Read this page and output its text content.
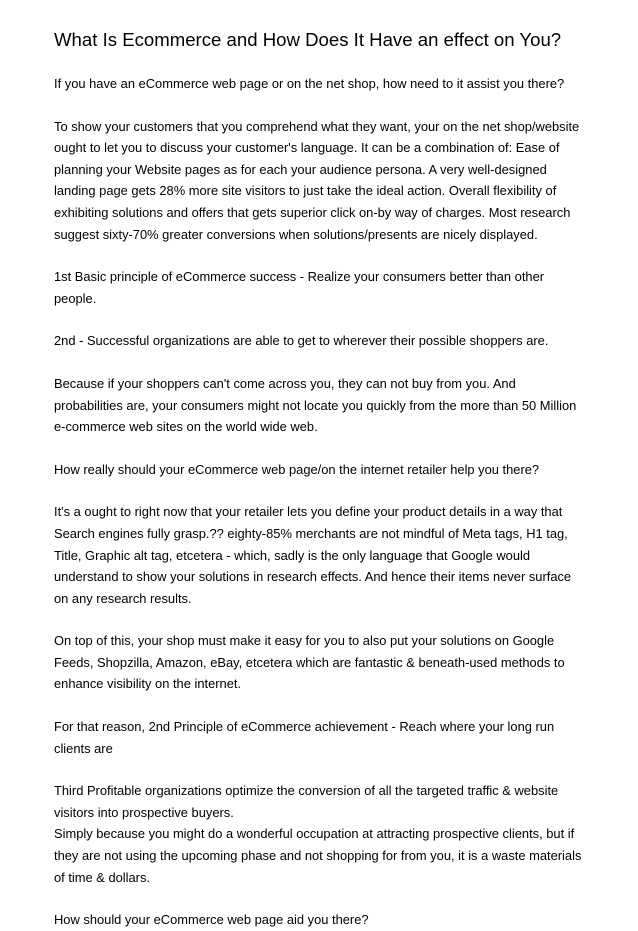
What Is Ecommerce and How Does It Have an effect on You?

If you have an eCommerce web page or on the net shop, how need to it assist you there?

To show your customers that you comprehend what they want, your on the net shop/website
ought to let you to discuss your customer's language. It can be a combination of: Ease of
planning your Website pages as for each your audience persona. A very well-designed
landing page gets 28% more site visitors to just take the ideal action. Overall flexibility of
exhibiting solutions and offers that gets superior click on-by way of charges. Most research
suggest sixty-70% greater conversions when solutions/presents are nicely displayed.

1st Basic principle of eCommerce success - Realize your consumers better than other
people.

2nd - Successful organizations are able to get to wherever their possible shoppers are.

Because if your shoppers can't come across you, they can not buy from you. And
probabilities are, your consumers might not locate you quickly from the more than 50 Million
e-commerce web sites on the world wide web.

How really should your eCommerce web page/on the internet retailer help you there?

It's a ought to right now that your retailer lets you define your product details in a way that
Search engines fully grasp.?? eighty-85% merchants are not mindful of Meta tags, H1 tag,
Title, Graphic alt tag, etcetera - which, sadly is the only language that Google would
understand to show your solutions in research effects. And hence their items never surface
on any research results.

On top of this, your shop must make it easy for you to also put your solutions on Google
Feeds, Shopzilla, Amazon, eBay, etcetera which are fantastic & beneath-used methods to
enhance visibility on the internet.

For that reason, 2nd Principle of eCommerce achievement - Reach where your long run
clients are

Third Profitable organizations optimize the conversion of all the targeted traffic & website
visitors into prospective buyers.

Simply because you might do a wonderful occupation at attracting prospective clients, but if
they are not using the upcoming phase and not shopping for from you, it is a waste materials
of time & dollars.

How should your eCommerce web page aid you there?
